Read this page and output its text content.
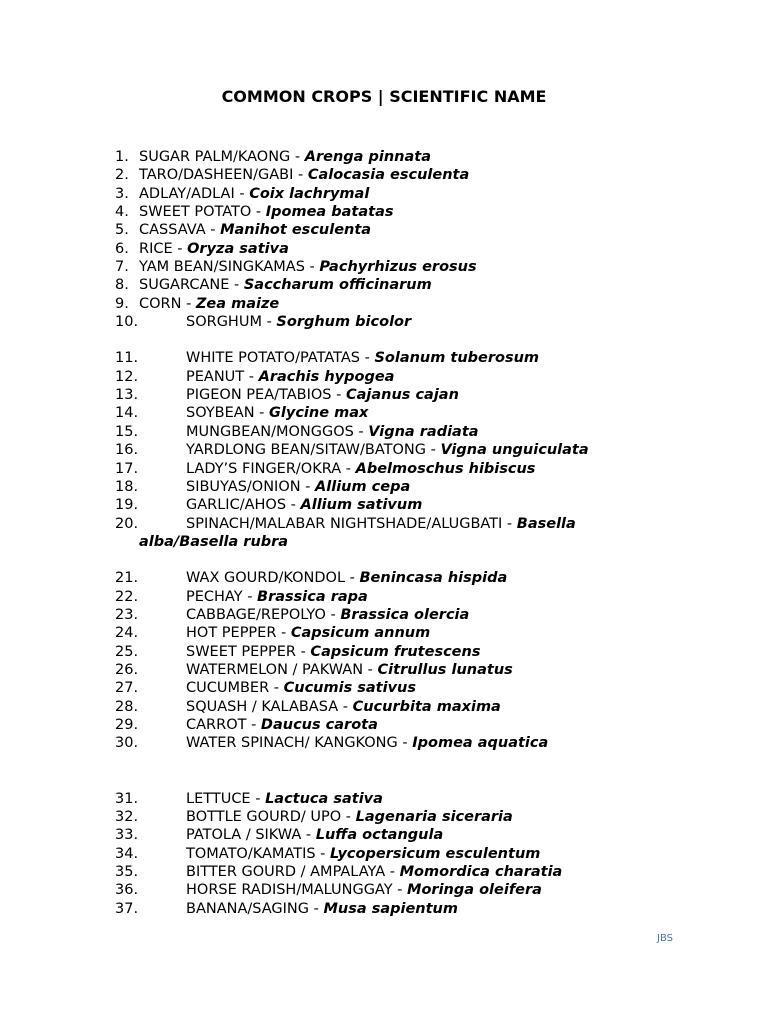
COMMON CROPS | SCIENTIFIC NAME
1. SUGAR PALM/KAONG - Arenga pinnata
2. TARO/DASHEEN/GABI - Calocasia esculenta
3. ADLAY/ADLAI - Coix lachrymal
4. SWEET POTATO - Ipomea batatas
5. CASSAVA - Manihot esculenta
6. RICE - Oryza sativa
7. YAM BEAN/SINGKAMAS - Pachyrhizus erosus
8. SUGARCANE - Saccharum officinarum
9. CORN - Zea maize
10.	SORGHUM - Sorghum bicolor
11.	WHITE POTATO/PATATAS - Solanum tuberosum
12.	PEANUT - Arachis hypogea
13.	PIGEON PEA/TABIOS - Cajanus cajan
14.	SOYBEAN - Glycine max
15.	MUNGBEAN/MONGGOS - Vigna radiata
16.	YARDLONG BEAN/SITAW/BATONG - Vigna unguiculata
17.	LADY’S FINGER/OKRA - Abelmoschus hibiscus
18.	SIBUYAS/ONION - Allium cepa
19.	GARLIC/AHOS - Allium sativum
20.	SPINACH/MALABAR NIGHTSHADE/ALUGBATI - Basella
alba/Basella rubra
21.	WAX GOURD/KONDOL - Benincasa hispida
22.	PECHAY - Brassica rapa
23.	CABBAGE/REPOLYO - Brassica olercia
24.	HOT PEPPER - Capsicum annum
25.	SWEET PEPPER - Capsicum frutescens
26.	WATERMELON / PAKWAN - Citrullus lunatus
27.	CUCUMBER - Cucumis sativus
28.	SQUASH / KALABASA - Cucurbita maxima
29.	CARROT - Daucus carota
30.	WATER SPINACH/ KANGKONG - Ipomea aquatica
31.	LETTUCE - Lactuca sativa
32.	BOTTLE GOURD/ UPO - Lagenaria siceraria
33.	PATOLA / SIKWA - Luffa octangula
34.	TOMATO/KAMATIS - Lycopersicum esculentum
35.	BITTER GOURD / AMPALAYA - Momordica charatia
36.	HORSE RADISH/MALUNGGAY - Moringa oleifera
37.	BANANA/SAGING - Musa sapientum
JBS
